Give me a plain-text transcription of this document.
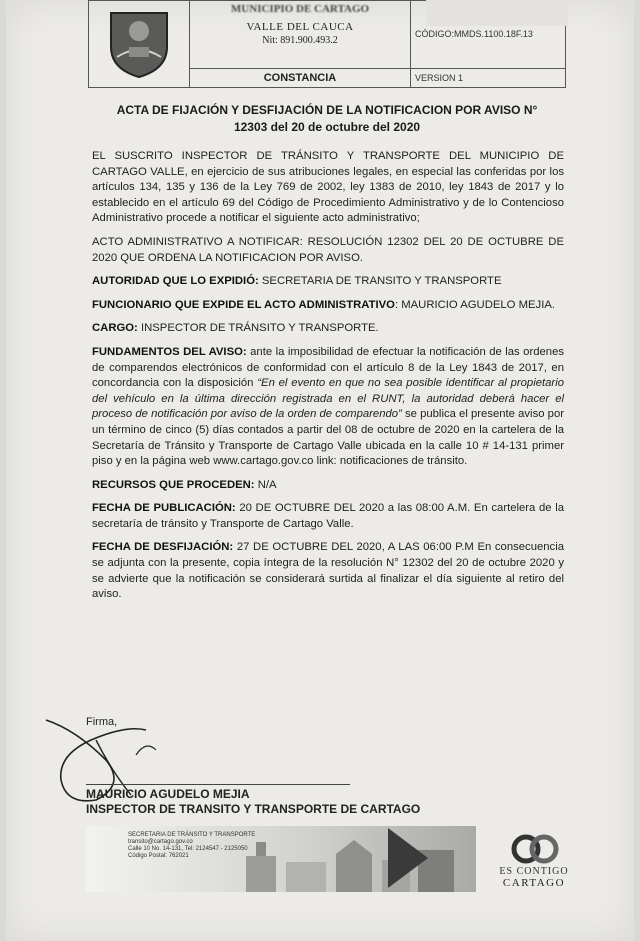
MUNICIPIO DE CARTAGO
VALLE DEL CAUCA
Nit: 891.900.493.2	CÓDIGO:MMDS.1100.18F.13
	CONSTANCIA	VERSION 1
ACTA DE FIJACIÓN Y DESFIJACIÓN DE LA NOTIFICACION POR AVISO N°
12303 del 20 de octubre del 2020

EL SUSCRITO INSPECTOR DE TRÁNSITO Y TRANSPORTE DEL MUNICIPIO DE CARTAGO VALLE, en ejercicio de sus atribuciones legales, en especial las conferidas por los artículos 134, 135 y 136 de la Ley 769 de 2002, ley 1383 de 2010, ley 1843 de 2017 y lo establecido en el artículo 69 del Código de Procedimiento Administrativo y de lo Contencioso Administrativo procede a notificar el siguiente acto administrativo;

ACTO ADMINISTRATIVO A NOTIFICAR: RESOLUCIÓN 12302 DEL 20 DE OCTUBRE DE 2020 QUE ORDENA LA NOTIFICACION POR AVISO.

AUTORIDAD QUE LO EXPIDIÓ: SECRETARIA DE TRANSITO Y TRANSPORTE

FUNCIONARIO QUE EXPIDE EL ACTO ADMINISTRATIVO: MAURICIO AGUDELO MEJIA.

CARGO: INSPECTOR DE TRÁNSITO Y TRANSPORTE.

FUNDAMENTOS DEL AVISO: ante la imposibilidad de efectuar la notificación de las ordenes de comparendos electrónicos de conformidad con el artículo 8 de la Ley 1843 de 2017, en concordancia con la disposición “En el evento en que no sea posible identificar al propietario del vehículo en la última dirección registrada en el RUNT, la autoridad deberá hacer el proceso de notificación por aviso de la orden de comparendo” se publica el presente aviso por un término de cinco (5) días contados a partir del 08 de octubre de 2020 en la cartelera de la Secretaría de Tránsito y Transporte de Cartago Valle ubicada en la calle 10 # 14-131 primer piso y en la página web www.cartago.gov.co link: notificaciones de tránsito.

RECURSOS QUE PROCEDEN: N/A

FECHA DE PUBLICACIÓN: 20 DE OCTUBRE DEL 2020 a las 08:00 A.M. En cartelera de la secretaría de tránsito y Transporte de Cartago Valle.

FECHA DE DESFIJACIÓN: 27 DE OCTUBRE DEL 2020, A LAS 06:00 P.M En consecuencia se adjunta con la presente, copia íntegra de la resolución N° 12302 del 20 de octubre 2020 y se advierte que la notificación se considerará surtida al finalizar el día siguiente al retiro del aviso.

Firma,
MAURICIO AGUDELO MEJIA
INSPECTOR DE TRANSITO Y TRANSPORTE DE CARTAGO
SECRETARIA DE TRÁNSITO Y TRANSPORTE
transito@cartago.gov.co
Calle 10 No. 14-131, Tel: 2124547 - 2125050
Código Postal: 762021
ES CONTIGO
CARTAGO
